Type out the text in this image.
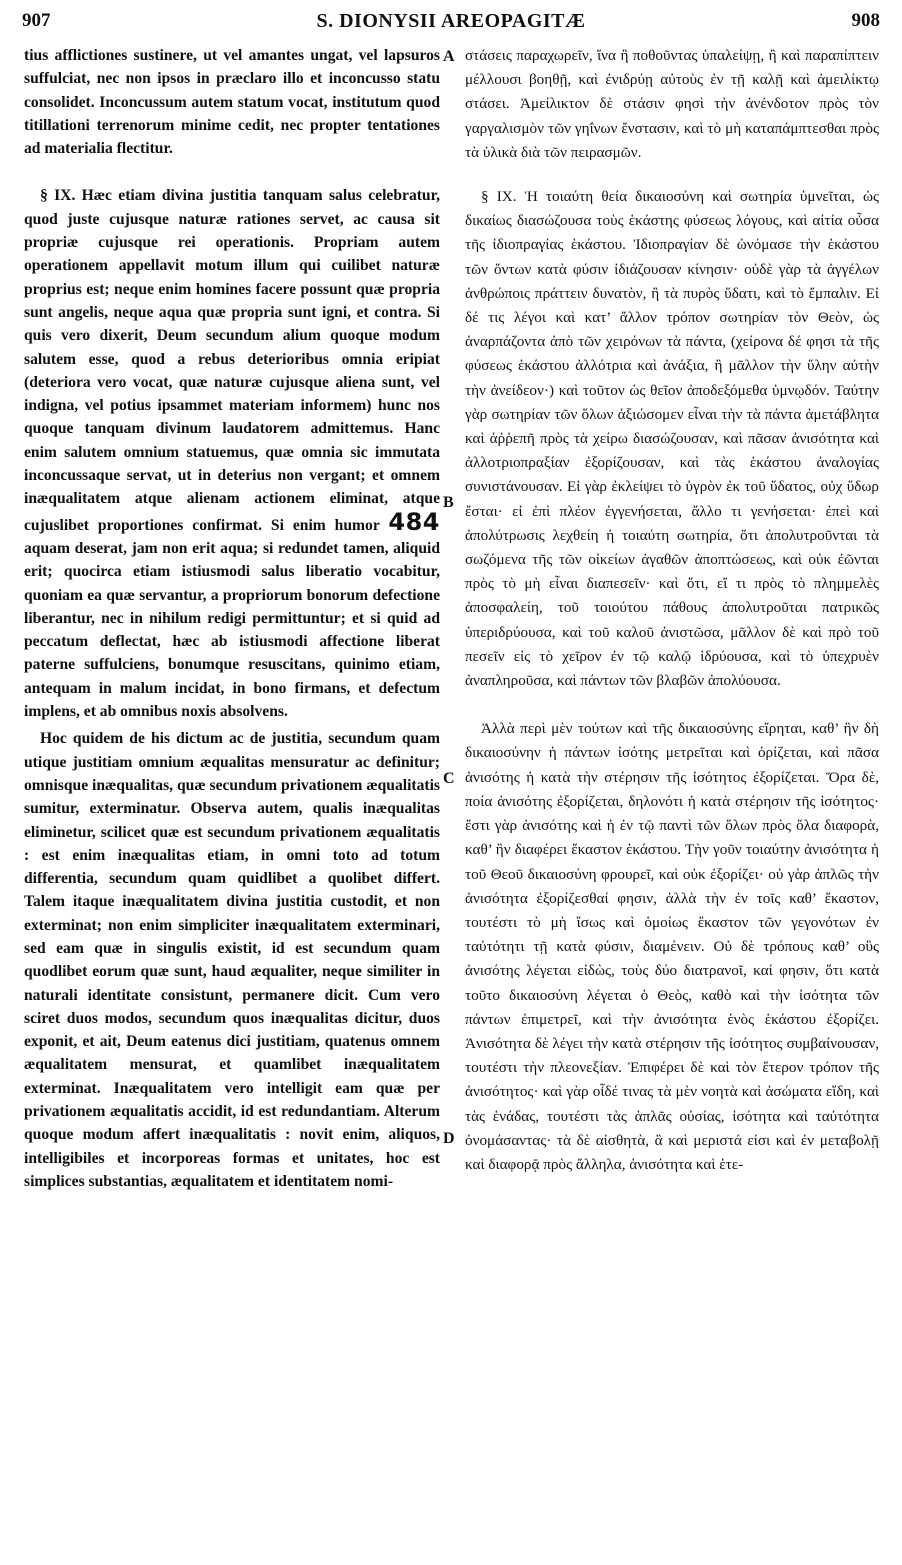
907	S. DIONYSII AREOPAGITÆ	908

tius afflictiones sustinere, ut vel amantes ungat, vel lapsuros suffulciat, nec non ipsos in præclaro illo et inconcusso statu consolidet. Inconcussum autem statum vocat, institutum quod titillationi terrenorum minime cedit, nec propter tentationes ad materialia flectitur.

§ IX. Hæc etiam divina justitia tanquam salus celebratur, quod juste cujusque naturæ rationes servet, ac causa sit propriæ cujusque rei operationis. Propriam autem operationem appellavit motum illum qui cuilibet naturæ proprius est; neque enim homines facere possunt quæ propria sunt angelis, neque aqua quæ propria sunt igni, et contra. Si quis vero dixerit, Deum secundum alium quoque modum salutem esse, quod a rebus deterioribus omnia eripiat (deteriora vero vocat, quæ naturæ cujusque aliena sunt, vel indigna, vel potius ipsammet materiam informem) hunc nos quoque tanquam divinum laudatorem admittemus. Hanc enim salutem omnium statuemus, quæ omnia sic immutata inconcussaque servat, ut in deterius non vergant; et omnem inæqualitatem atque alienam actionem eliminat, atque cujuslibet proportiones confirmat. Si enim humor 484 aquam deserat, jam non erit aqua; si redundet tamen, aliquid erit; quocirca etiam istiusmodi salus liberatio vocabitur, quoniam ea quæ servantur, a propriorum bonorum defectione liberantur, nec in nihilum redigi permittuntur; et si quid ad peccatum deflectat, hæc ab istiusmodi affectione liberat paterne suffulciens, bonumque resuscitans, quinimo etiam, antequam in malum incidat, in bono firmans, et defectum implens, et ab omnibus noxis absolvens.

Hoc quidem de his dictum ac de justitia, secundum quam utique justitiam omnium æqualitas mensuratur ac definitur; omnisque inæqualitas, quæ secundum privationem æqualitatis sumitur, exterminatur. Observa autem, qualis inæqualitas eliminetur, scilicet quæ est secundum privationem æqualitatis : est enim inæqualitas etiam, in omni toto ad totum differentia, secundum quam quidlibet a quolibet differt. Talem itaque inæqualitatem divina justitia custodit, et non exterminat; non enim simpliciter inæqualitatem exterminari, sed eam quæ in singulis existit, id est secundum quam quodlibet eorum quæ sunt, haud æqualiter, neque similiter in naturali identitate consistunt, permanere dicit. Cum vero sciret duos modos, secundum quos inæqualitas dicitur, duos exponit, et ait, Deum eatenus dici justitiam, quatenus omnem æqualitatem mensurat, et quamlibet inæqualitatem exterminat. Inæqualitatem vero intelligit eam quæ per privationem æqualitatis accidit, id est redundantiam. Alterum quoque modum affert inæqualitatis : novit enim, aliquos, intelligibiles et incorporeas formas et unitates, hoc est simplices substantias, æqualitatem et identitatem nomi-

A
B
C
D

στάσεις παραχωρεῖν, ἵνα ἢ ποθοῦντας ὑπαλείψῃ, ἢ καὶ παραπίπτειν μέλλουσι βοηθῇ, καὶ ἐνιδρύῃ αὐτοὺς ἐν τῇ καλῇ καὶ ἀμειλίκτῳ στάσει. Ἀμείλικτον δὲ στάσιν φησὶ τὴν ἀνένδοτον πρὸς τὸν γαργαλισμὸν τῶν γηΐνων ἔνστασιν, καὶ τὸ μὴ καταπάμπτεσθαι πρὸς τὰ ὑλικὰ διὰ τῶν πειρασμῶν.

§ IX. Ἡ τοιαύτη θεία δικαιοσύνη καὶ σωτηρία ὑμνεῖται, ὡς δικαίως διασώζουσα τοὺς ἑκάστης φύσεως λόγους, καὶ αἰτία οὖσα τῆς ἰδιοπραγίας ἑκάστου. Ἰδιοπραγίαν δὲ ὠνόμασε τὴν ἑκάστου τῶν ὄντων κατὰ φύσιν ἰδιάζουσαν κίνησιν· οὐδὲ γὰρ τὰ ἀγγέλων ἀνθρώποις πράττειν δυνατὸν, ἢ τὰ πυρὸς ὕδατι, καὶ τὸ ἔμπαλιν. Εἰ δέ τις λέγοι καὶ κατ’ ἄλλον τρόπον σωτηρίαν τὸν Θεὸν, ὡς ἀναρπάζοντα ἀπὸ τῶν χειρόνων τὰ πάντα, (χείρονα δέ φησι τὰ τῆς φύσεως ἑκάστου ἀλλότρια καὶ ἀνάξια, ἢ μᾶλλον τὴν ὕλην αὐτὴν τὴν ἀνείδεον·) καὶ τοῦτον ὡς θεῖον ἀποδεξόμεθα ὑμνῳδόν. Ταύτην γὰρ σωτηρίαν τῶν ὅλων ἀξιώσομεν εἶναι τὴν τὰ πάντα ἀμετάβλητα καὶ ἀῤῥεπῆ πρὸς τὰ χείρω διασώζουσαν, καὶ πᾶσαν ἀνισότητα καὶ ἀλλοτριοπραξίαν ἐξορίζουσαν, καὶ τὰς ἑκάστου ἀναλογίας συνιστάνουσαν. Εἰ γὰρ ἐκλείψει τὸ ὑγρὸν ἐκ τοῦ ὕδατος, οὐχ ὕδωρ ἔσται· εἰ ἐπὶ πλέον ἐγγενήσεται, ἄλλο τι γενήσεται· ἐπεὶ καὶ ἀπολύτρωσις λεχθείη ἡ τοιαύτη σωτηρία, ὅτι ἀπολυτροῦνται τὰ σωζόμενα τῆς τῶν οἰκείων ἀγαθῶν ἀποπτώσεως, καὶ οὐκ ἐῶνται πρὸς τὸ μὴ εἶναι διαπεσεῖν· καὶ ὅτι, εἴ τι πρὸς τὸ πλημμελὲς ἀποσφαλείη, τοῦ τοιούτου πάθους ἀπολυτροῦται πατρικῶς ὑπεριδρύουσα, καὶ τοῦ καλοῦ ἀνιστῶσα, μᾶλλον δὲ καὶ πρὸ τοῦ πεσεῖν εἰς τὸ χεῖρον ἐν τῷ καλῷ ἱδρύουσα, καὶ τὸ ὑπεχρυὲν ἀναπληροῦσα, καὶ πάντων τῶν βλαβῶν ἀπολύουσα.

Ἀλλὰ περὶ μὲν τούτων καὶ τῆς δικαιοσύνης εἴρηται, καθ’ ἣν δὴ δικαιοσύνην ἡ πάντων ἰσότης μετρεῖται καὶ ὁρίζεται, καὶ πᾶσα ἀνισότης ἡ κατὰ τὴν στέρησιν τῆς ἰσότητος ἐξορίζεται. Ὅρα δὲ, ποία ἀνισότης ἐξορίζεται, δηλονότι ἡ κατὰ στέρησιν τῆς ἰσότητος· ἔστι γὰρ ἀνισότης καὶ ἡ ἐν τῷ παντὶ τῶν ὅλων πρὸς ὅλα διαφορὰ, καθ’ ἣν διαφέρει ἕκαστον ἑκάστου. Τὴν γοῦν τοιαύτην ἀνισότητα ἡ τοῦ Θεοῦ δικαιοσύνη φρουρεῖ, καὶ οὐκ ἐξορίζει· οὐ γὰρ ἁπλῶς τὴν ἀνισότητα ἐξορίζεσθαί φησιν, ἀλλὰ τὴν ἐν τοῖς καθ’ ἕκαστον, τουτέστι τὸ μὴ ἴσως καὶ ὁμοίως ἕκαστον τῶν γεγονότων ἐν ταὐτότητι τῇ κατὰ φύσιν, διαμένειν. Οὐ δὲ τρόπους καθ’ οὓς ἀνισότης λέγεται εἰδὼς, τοὺς δύο διατρανοῖ, καί φησιν, ὅτι κατὰ τοῦτο δικαιοσύνη λέγεται ὁ Θεὸς, καθὸ καὶ τὴν ἰσότητα τῶν πάντων ἐπιμετρεῖ, καὶ τὴν ἀνισότητα ἑνὸς ἑκάστου ἐξορίζει. Ἀνισότητα δὲ λέγει τὴν κατὰ στέρησιν τῆς ἰσότητος συμβαίνουσαν, τουτέστι τὴν πλεονεξίαν. Ἐπιφέρει δὲ καὶ τὸν ἕτερον τρόπον τῆς ἀνισότητος· καὶ γὰρ οἶδέ τινας τὰ μὲν νοητὰ καὶ ἀσώματα εἴδη, καὶ τὰς ἑνάδας, τουτέστι τὰς ἁπλᾶς οὐσίας, ἰσότητα καὶ ταὐτότητα ὀνομάσαντας· τὰ δὲ αἰσθητὰ, ἃ καὶ μεριστά εἰσι καὶ ἐν μεταβολῇ καὶ διαφορᾷ πρὸς ἄλληλα, ἀνισότητα καὶ ἑτε-
